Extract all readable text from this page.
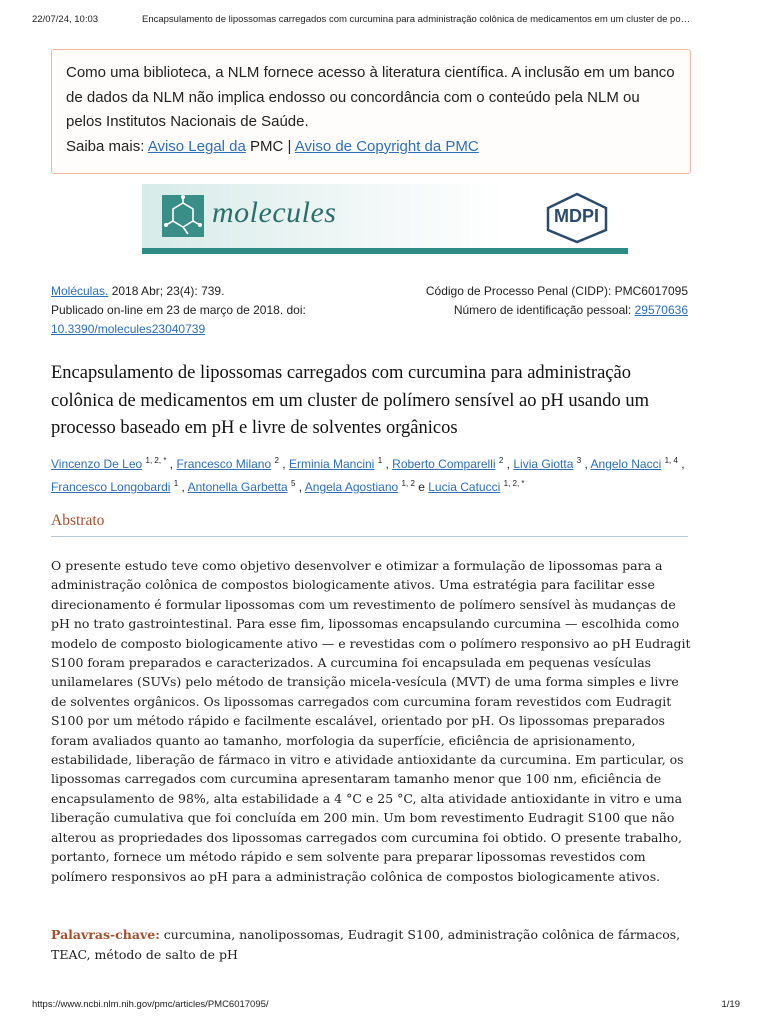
22/07/24, 10:03	Encapsulamento de lipossomas carregados com curcumina para administração colônica de medicamentos em um cluster de po…
Como uma biblioteca, a NLM fornece acesso à literatura científica. A inclusão em um banco de dados da NLM não implica endosso ou concordância com o conteúdo pela NLM ou pelos Institutos Nacionais de Saúde.
Saiba mais: Aviso Legal da PMC | Aviso de Copyright da PMC
molecules	MDPI
Moléculas. 2018 Abr; 23(4): 739.
Publicado on-line em 23 de março de 2018. doi:
10.3390/molecules23040739
Código de Processo Penal (CIDP): PMC6017095
Número de identificação pessoal: 29570636
Encapsulamento de lipossomas carregados com curcumina para administração colônica de medicamentos em um cluster de polímero sensível ao pH usando um processo baseado em pH e livre de solventes orgânicos
Vincenzo De Leo $^{1, 2, *}$ , Francesco Milano $^2$ , Erminia Mancini $^1$ , Roberto Comparelli $^2$ , Livia Giotta $^3$ , Angelo Nacci $^{1, 4}$ , Francesco Longobardi $^1$ , Antonella Garbetta $^5$ , Angela Agostiano $^{1, 2}$ e Lucia Catucci $^{1, 2, *}$
Abstrato

O presente estudo teve como objetivo desenvolver e otimizar a formulação de lipossomas para a administração colônica de compostos biologicamente ativos. Uma estratégia para facilitar esse direcionamento é formular lipossomas com um revestimento de polímero sensível às mudanças de pH no trato gastrointestinal. Para esse fim, lipossomas encapsulando curcumina — escolhida como modelo de composto biologicamente ativo — e revestidas com o polímero responsivo ao pH Eudragit S100 foram preparados e caracterizados. A curcumina foi encapsulada em pequenas vesículas unilamelares (SUVs) pelo método de transição micela-vesícula (MVT) de uma forma simples e livre de solventes orgânicos. Os lipossomas carregados com curcumina foram revestidos com Eudragit S100 por um método rápido e facilmente escalável, orientado por pH. Os lipossomas preparados foram avaliados quanto ao tamanho, morfologia da superfície, eficiência de aprisionamento, estabilidade, liberação de fármaco in vitro e atividade antioxidante da curcumina. Em particular, os lipossomas carregados com curcumina apresentaram tamanho menor que 100 nm, eficiência de encapsulamento de 98%, alta estabilidade a 4 °C e 25 °C, alta atividade antioxidante in vitro e uma liberação cumulativa que foi concluída em 200 min. Um bom revestimento Eudragit S100 que não alterou as propriedades dos lipossomas carregados com curcumina foi obtido. O presente trabalho, portanto, fornece um método rápido e sem solvente para preparar lipossomas revestidos com polímero responsivos ao pH para a administração colônica de compostos biologicamente ativos.

Palavras-chave: curcumina, nanolipossomas, Eudragit S100, administração colônica de fármacos, TEAC, método de salto de pH

https://www.ncbi.nlm.nih.gov/pmc/articles/PMC6017095/	1/19
